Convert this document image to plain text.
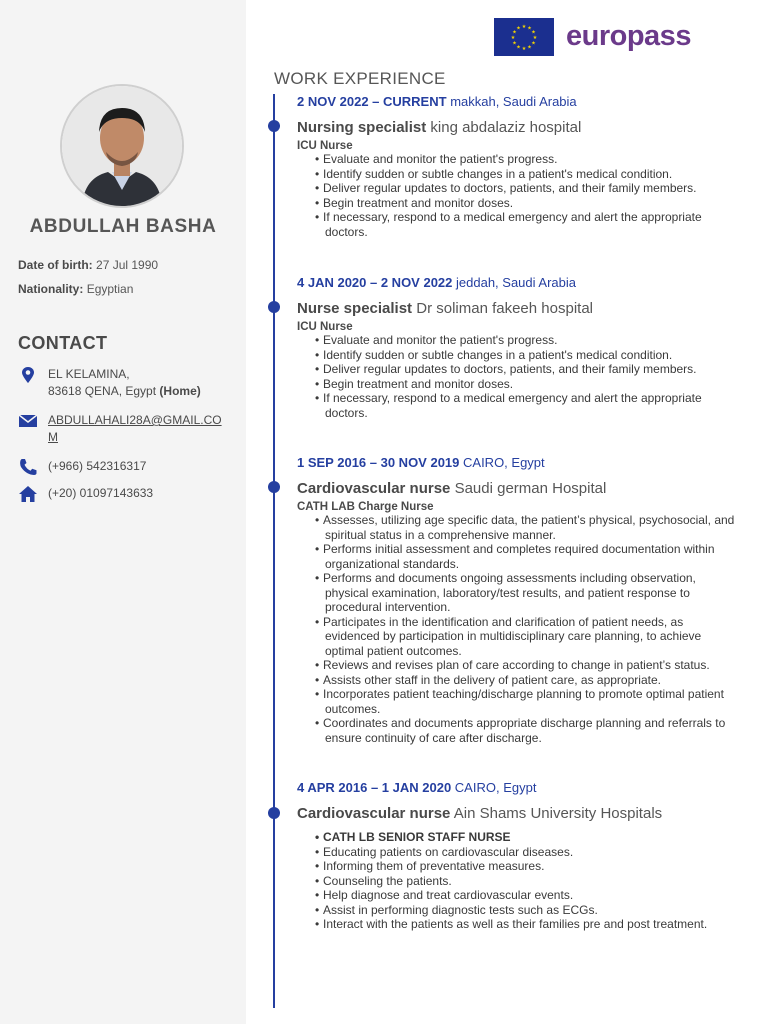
ABDULLAH BASHA
Date of birth: 27 Jul 1990
Nationality: Egyptian
CONTACT
EL KELAMINA,
83618 QENA, Egypt (Home)
ABDULLAHALI28A@GMAIL.COM
(+966) 542316317
(+20) 01097143633
★
★
★
★
★
★
★
★
★ ★ ★
★ europass
WORK EXPERIENCE
2 NOV 2022 – CURRENT makkah, Saudi Arabia
Nursing specialist king abdalaziz hospital
ICU Nurse
• Evaluate and monitor the patient's progress.
• Identify sudden or subtle changes in a patient's medical condition.
• Deliver regular updates to doctors, patients, and their family members.
• Begin treatment and monitor doses.
• If necessary, respond to a medical emergency and alert the appropriate doctors.
4 JAN 2020 – 2 NOV 2022 jeddah, Saudi Arabia
Nurse specialist Dr soliman fakeeh hospital
ICU Nurse
• Evaluate and monitor the patient's progress.
• Identify sudden or subtle changes in a patient's medical condition.
• Deliver regular updates to doctors, patients, and their family members.
• Begin treatment and monitor doses.
• If necessary, respond to a medical emergency and alert the appropriate doctors.
1 SEP 2016 – 30 NOV 2019 CAIRO, Egypt
Cardiovascular nurse Saudi german Hospital
CATH LAB Charge Nurse
• Assesses, utilizing age specific data, the patient’s physical, psychosocial, and spiritual status in a comprehensive manner.
• Performs initial assessment and completes required documentation within organizational standards.
• Performs and documents ongoing assessments including observation, physical examination, laboratory/test results, and patient response to procedural intervention.
• Participates in the identification and clarification of patient needs, as evidenced by participation in multidisciplinary care planning, to achieve optimal patient outcomes.
• Reviews and revises plan of care according to change in patient’s status.
• Assists other staff in the delivery of patient care, as appropriate.
• Incorporates patient teaching/discharge planning to promote optimal patient outcomes.
• Coordinates and documents appropriate discharge planning and referrals to ensure continuity of care after discharge.
4 APR 2016 – 1 JAN 2020 CAIRO, Egypt
Cardiovascular nurse Ain Shams University Hospitals
• CATH LB SENIOR STAFF NURSE
• Educating patients on cardiovascular diseases.
• Informing them of preventative measures.
• Counseling the patients.
• Help diagnose and treat cardiovascular events.
• Assist in performing diagnostic tests such as ECGs.
• Interact with the patients as well as their families pre and post treatment.
